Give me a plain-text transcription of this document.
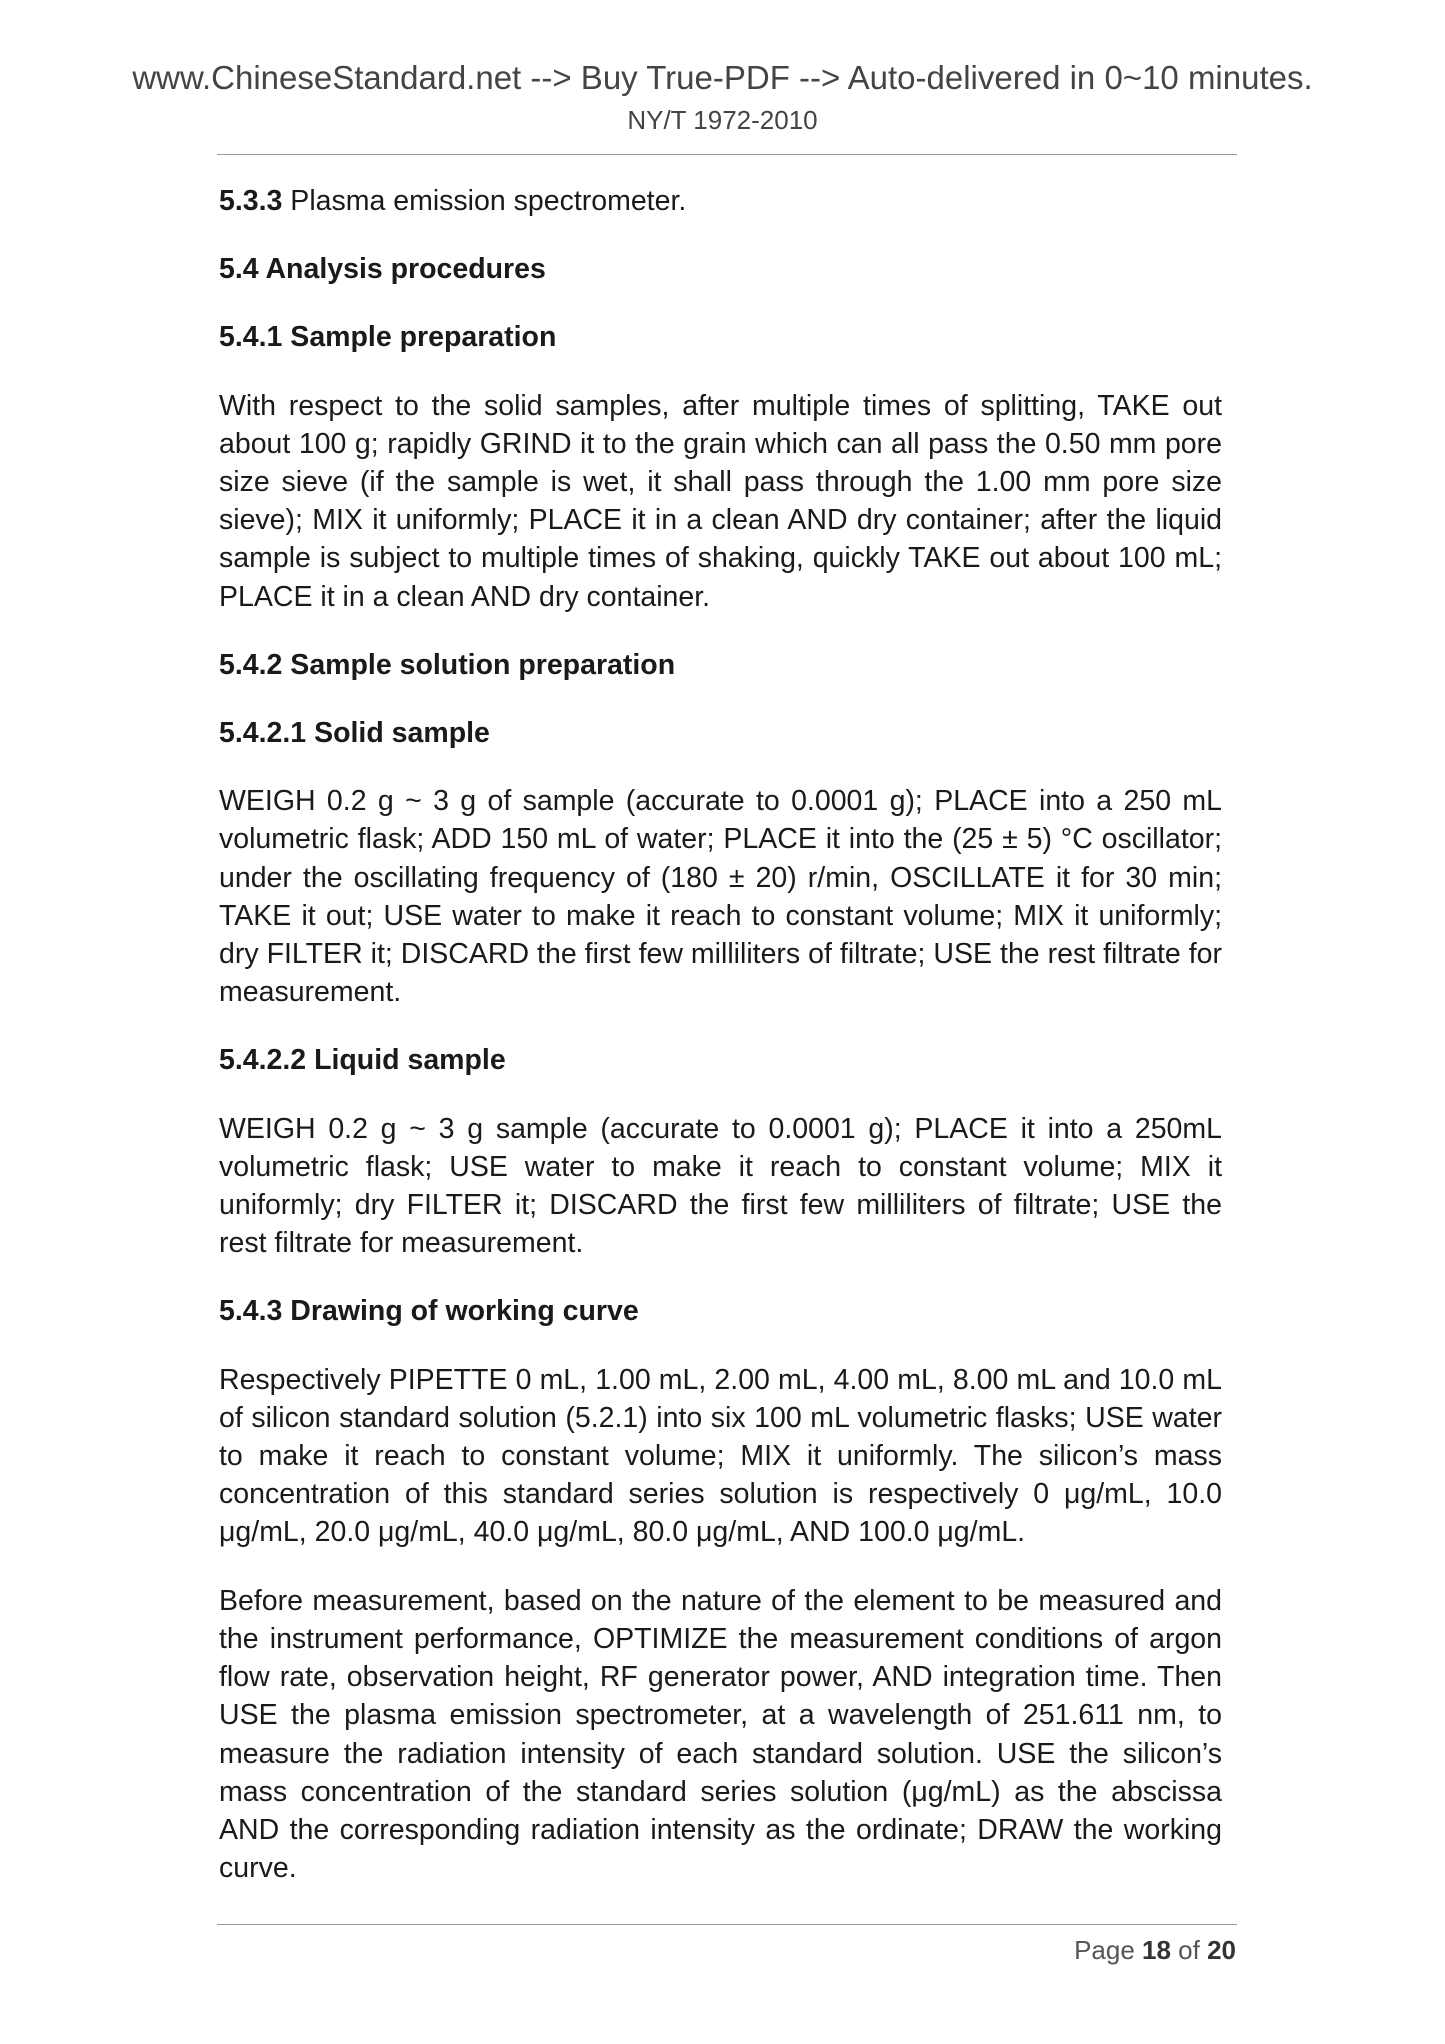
www.ChineseStandard.net --> Buy True-PDF --> Auto-delivered in 0~10 minutes.
NY/T 1972-2010

5.3.3 Plasma emission spectrometer.

5.4 Analysis procedures
5.4.1 Sample preparation

With respect to the solid samples, after multiple times of splitting, TAKE out about 100 g; rapidly GRIND it to the grain which can all pass the 0.50 mm pore size sieve (if the sample is wet, it shall pass through the 1.00 mm pore size sieve); MIX it uniformly; PLACE it in a clean AND dry container; after the liquid sample is subject to multiple times of shaking, quickly TAKE out about 100 mL; PLACE it in a clean AND dry container.

5.4.2 Sample solution preparation
5.4.2.1 Solid sample

WEIGH 0.2 g ~ 3 g of sample (accurate to 0.0001 g); PLACE into a 250 mL volumetric flask; ADD 150 mL of water; PLACE it into the (25 ± 5) °C oscillator; under the oscillating frequency of (180 ± 20) r/min, OSCILLATE it for 30 min; TAKE it out; USE water to make it reach to constant volume; MIX it uniformly; dry FILTER it; DISCARD the first few milliliters of filtrate; USE the rest filtrate for measurement.

5.4.2.2 Liquid sample

WEIGH 0.2 g ~ 3 g sample (accurate to 0.0001 g); PLACE it into a 250mL volumetric flask; USE water to make it reach to constant volume; MIX it uniformly; dry FILTER it; DISCARD the first few milliliters of filtrate; USE the rest filtrate for measurement.

5.4.3 Drawing of working curve

Respectively PIPETTE 0 mL, 1.00 mL, 2.00 mL, 4.00 mL, 8.00 mL and 10.0 mL of silicon standard solution (5.2.1) into six 100 mL volumetric flasks; USE water to make it reach to constant volume; MIX it uniformly. The silicon’s mass concentration of this standard series solution is respectively 0 μg/mL, 10.0 μg/mL, 20.0 μg/mL, 40.0 μg/mL, 80.0 μg/mL, AND 100.0 μg/mL.

Before measurement, based on the nature of the element to be measured and the instrument performance, OPTIMIZE the measurement conditions of argon flow rate, observation height, RF generator power, AND integration time. Then USE the plasma emission spectrometer, at a wavelength of 251.611 nm, to measure the radiation intensity of each standard solution. USE the silicon’s mass concentration of the standard series solution (μg/mL) as the abscissa AND the corresponding radiation intensity as the ordinate; DRAW the working curve.

Page 18 of 20
